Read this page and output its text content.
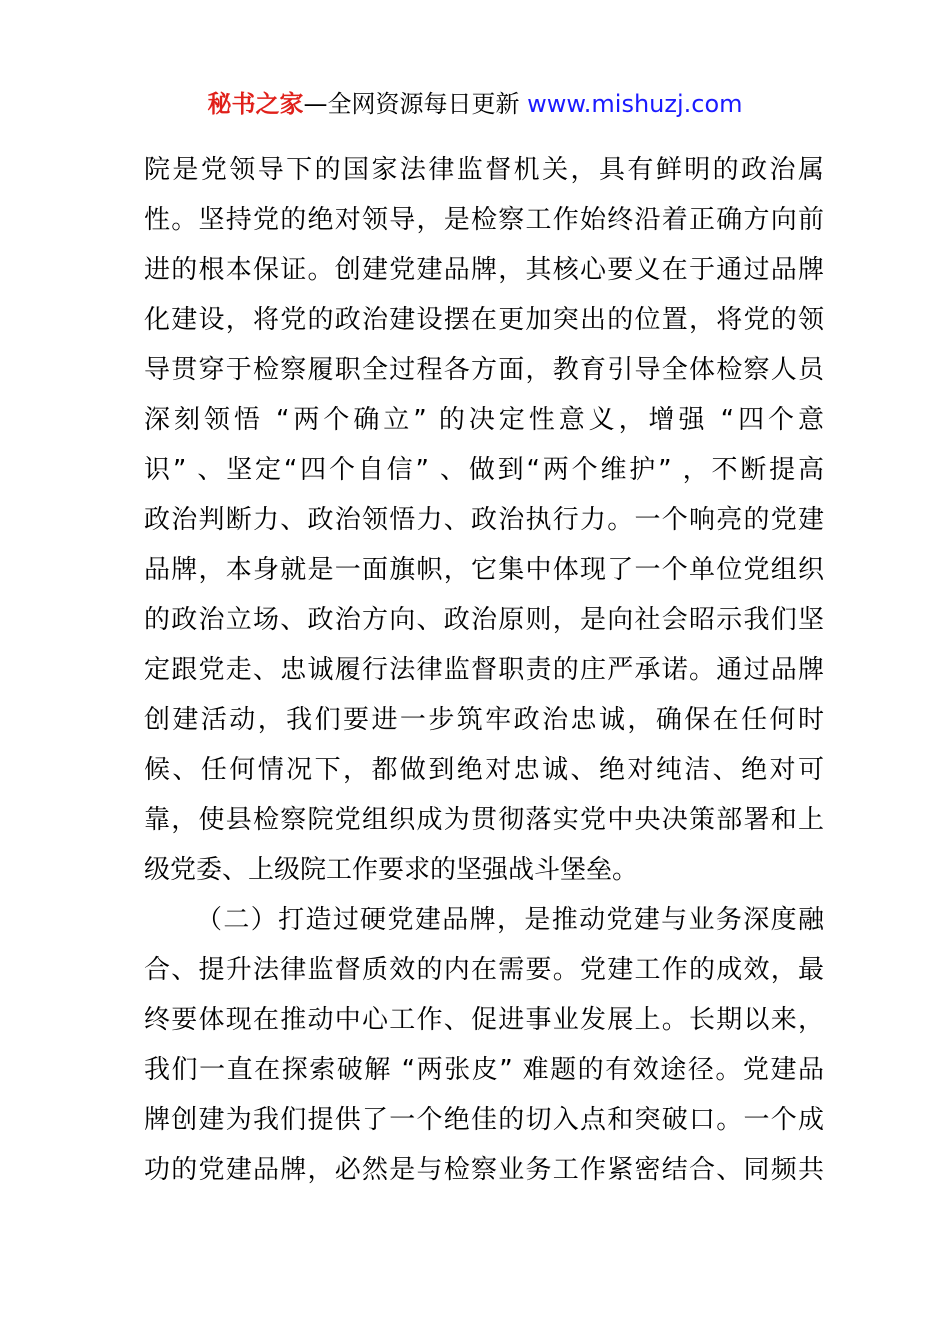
秘书之家—全网资源每日更新 www.mishuzj.com
院是党领导下的国家法律监督机关，具有鲜明的政治属
性。坚持党的绝对领导，是检察工作始终沿着正确方向前
进的根本保证。创建党建品牌，其核心要义在于通过品牌
化建设，将党的政治建设摆在更加突出的位置，将党的领
导贯穿于检察履职全过程各方面，教育引导全体检察人员
深刻领悟 “两个确立” 的决定性意义，增强 “四个意
识” 、坚定“四个自信” 、做到“两个维护” ，不断提高
政治判断力、政治领悟力、政治执行力。一个响亮的党建
品牌，本身就是一面旗帜，它集中体现了一个单位党组织
的政治立场、政治方向、政治原则，是向社会昭示我们坚
定跟党走、忠诚履行法律监督职责的庄严承诺。通过品牌
创建活动，我们要进一步筑牢政治忠诚，确保在任何时
候、任何情况下，都做到绝对忠诚、绝对纯洁、绝对可
靠，使县检察院党组织成为贯彻落实党中央决策部署和上
级党委、上级院工作要求的坚强战斗堡垒。
（二）打造过硬党建品牌，是推动党建与业务深度融
合、提升法律监督质效的内在需要。党建工作的成效，最
终要体现在推动中心工作、促进事业发展上。长期以来，
我们一直在探索破解 “两张皮” 难题的有效途径。党建品
牌创建为我们提供了一个绝佳的切入点和突破口。一个成
功的党建品牌，必然是与检察业务工作紧密结合、同频共
